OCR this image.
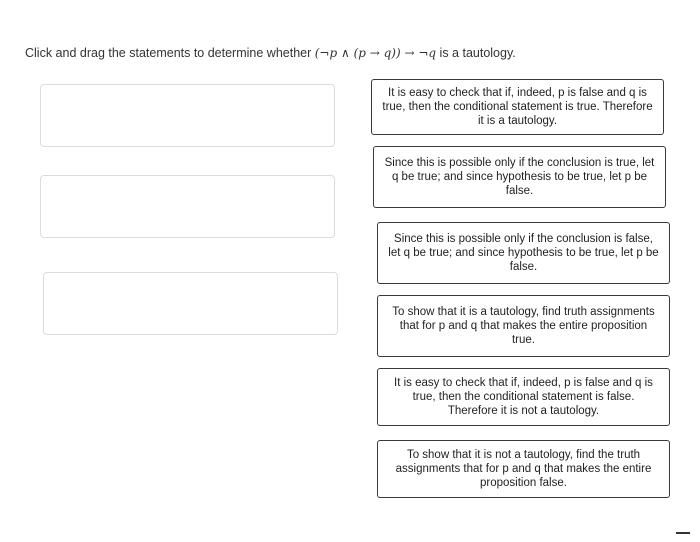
Click and drag the statements to determine whether (¬p ∧ (p → q)) → ¬q is a tautology.
It is easy to check that if, indeed, p is false and q is true, then the conditional statement is true. Therefore it is a tautology.
Since this is possible only if the conclusion is true, let q be true; and since hypothesis to be true, let p be false.
Since this is possible only if the conclusion is false, let q be true; and since hypothesis to be true, let p be false.
To show that it is a tautology, find truth assignments that for p and q that makes the entire proposition true.
It is easy to check that if, indeed, p is false and q is true, then the conditional statement is false. Therefore it is not a tautology.
To show that it is not a tautology, find the truth assignments that for p and q that makes the entire proposition false.
